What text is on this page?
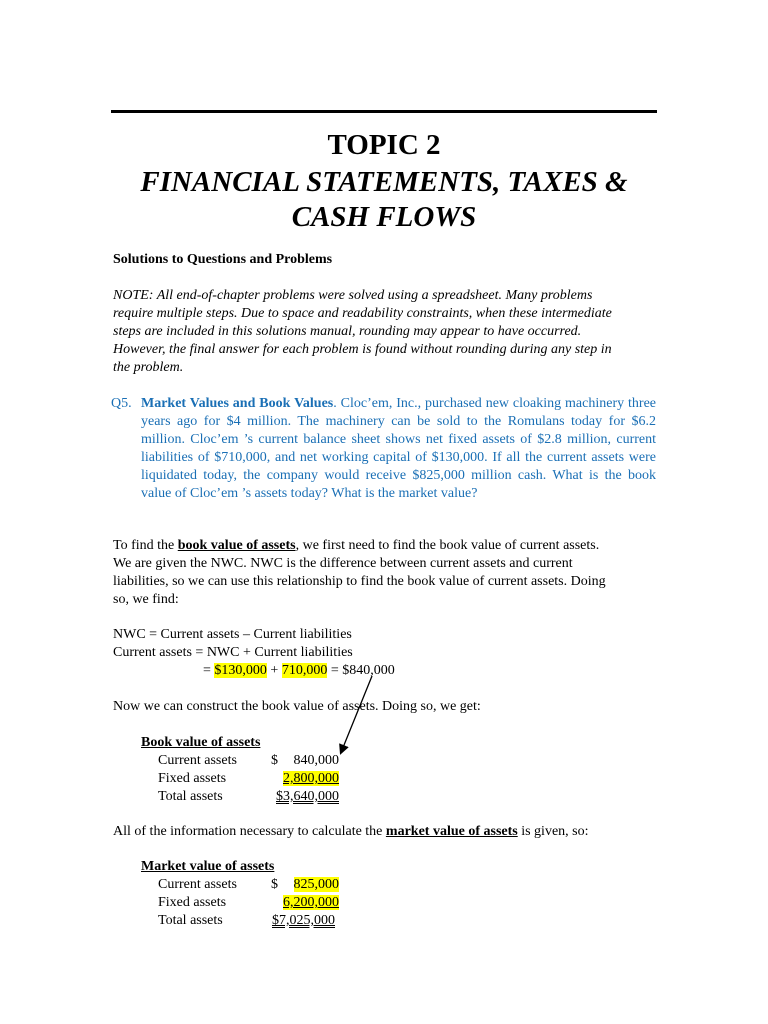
TOPIC 2
FINANCIAL STATEMENTS, TAXES &
CASH FLOWS
Solutions to Questions and Problems
NOTE: All end-of-chapter problems were solved using a spreadsheet. Many problems
require multiple steps. Due to space and readability constraints, when these intermediate
steps are included in this solutions manual, rounding may appear to have occurred.
However, the final answer for each problem is found without rounding during any step in
the problem.
Q5. Market Values and Book Values. Cloc’em, Inc., purchased new cloaking machinery three years ago for $4 million. The machinery can be sold to the Romulans today for $6.2 million. Cloc’em ’s current balance sheet shows net fixed assets of $2.8 million, current liabilities of $710,000, and net working capital of $130,000. If all the current assets were liquidated today, the company would receive $825,000 million cash. What is the book value of Cloc’em ’s assets today? What is the market value?
To find the book value of assets, we first need to find the book value of current assets.
We are given the NWC. NWC is the difference between current assets and current
liabilities, so we can use this relationship to find the book value of current assets. Doing
so, we find:
NWC = Current assets – Current liabilities
Current assets = NWC + Current liabilities
= $130,000 + 710,000 = $840,000
Now we can construct the book value of assets. Doing so, we get:
Book value of assets
Current assets $	840,000
Fixed assets	2,800,000
Total assets	$3,640,000
All of the information necessary to calculate the market value of assets is given, so:
Market value of assets
Current assets $	825,000
Fixed assets	6,200,000
Total assets	$7,025,000
